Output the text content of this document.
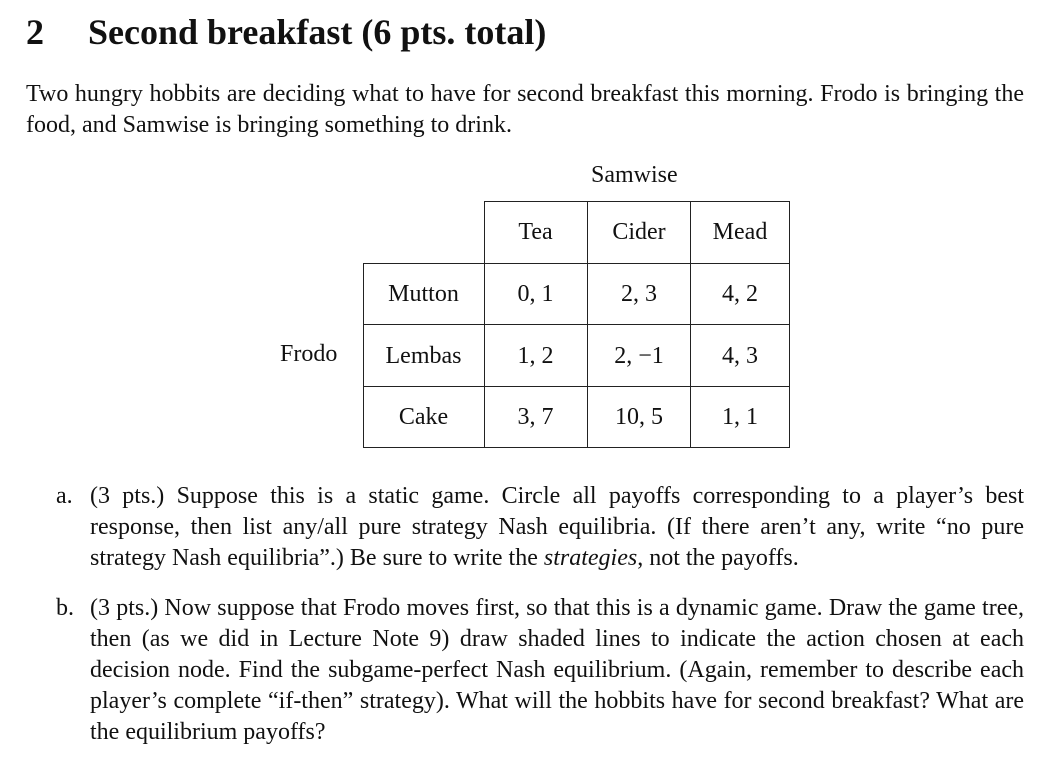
2 Second breakfast (6 pts. total)
Two hungry hobbits are deciding what to have for second breakfast this morning. Frodo is bringing the food, and Samwise is bringing something to drink.
Samwise
Frodo
Tea	Cider	Mead
Mutton	0, 1	2, 3	4, 2
Lembas	1, 2	2, −1	4, 3
Cake	3, 7	10, 5	1, 1
a. (3 pts.) Suppose this is a static game. Circle all payoffs corresponding to a player’s best response, then list any/all pure strategy Nash equilibria. (If there aren’t any, write “no pure strategy Nash equilibria”.) Be sure to write the strategies, not the payoffs.
b. (3 pts.) Now suppose that Frodo moves first, so that this is a dynamic game. Draw the game tree, then (as we did in Lecture Note 9) draw shaded lines to indicate the action chosen at each decision node. Find the subgame-perfect Nash equilibrium. (Again, remember to describe each player’s complete “if-then” strategy). What will the hobbits have for second breakfast? What are the equilibrium payoffs?
